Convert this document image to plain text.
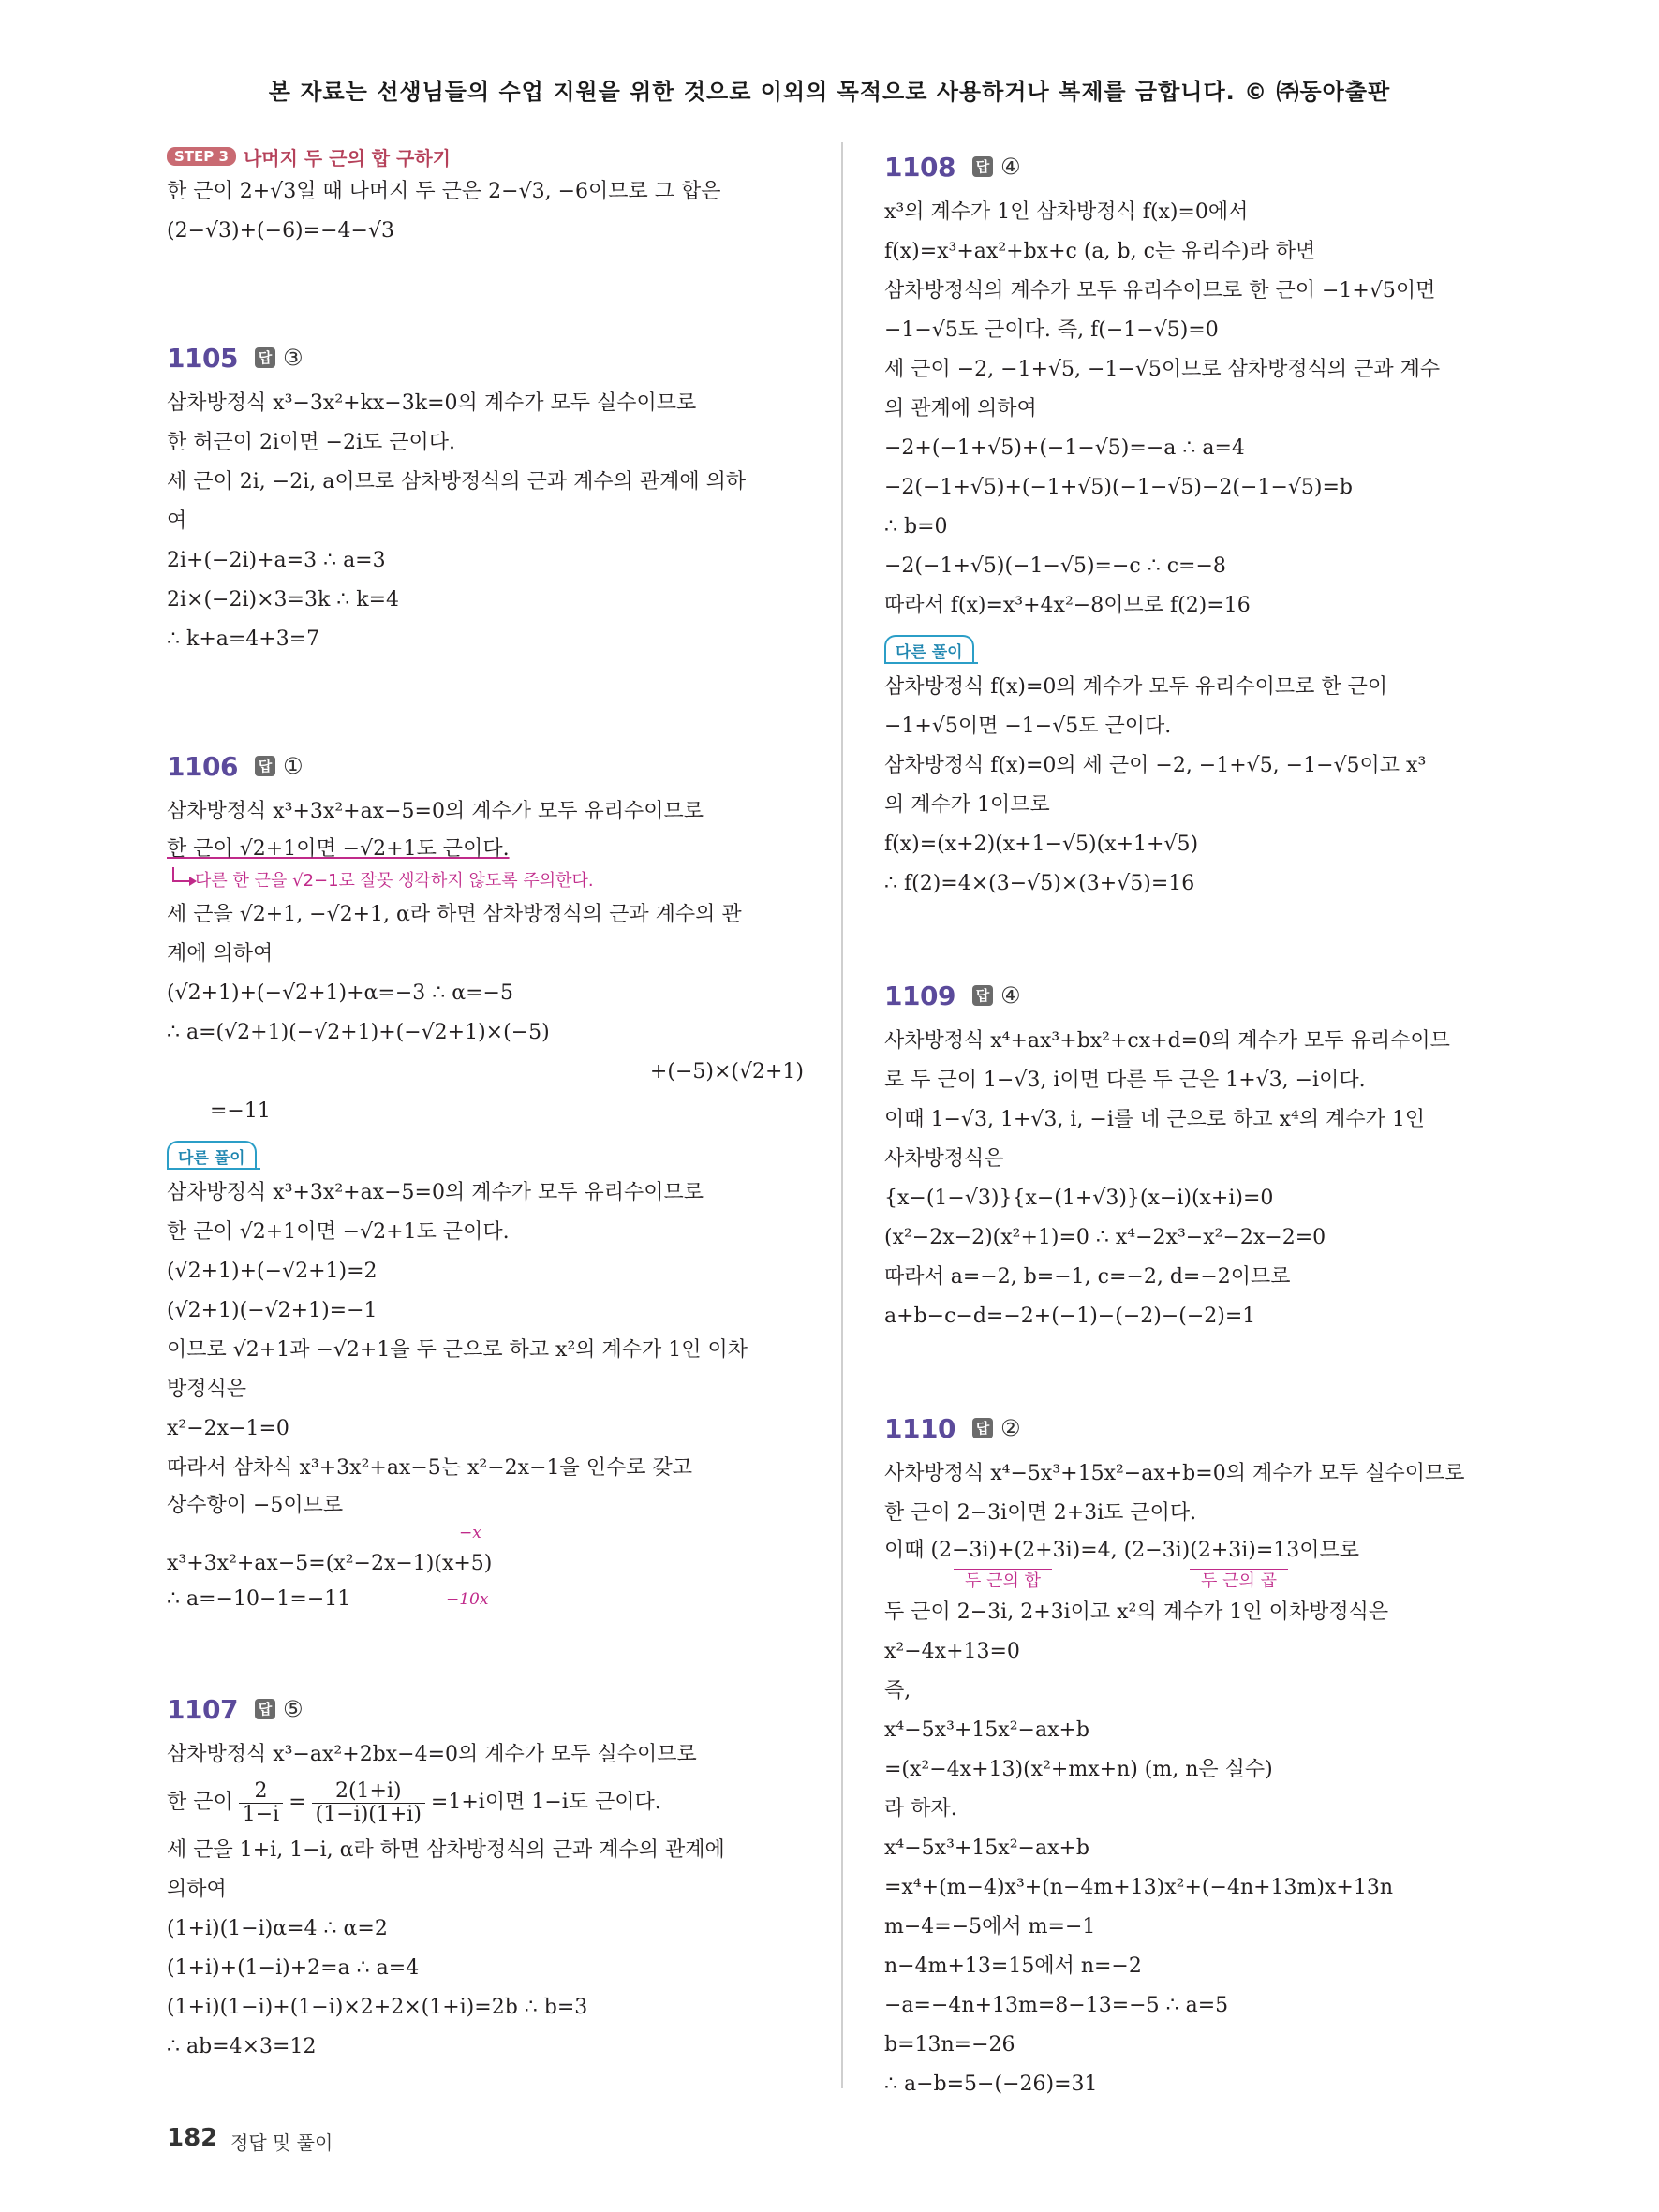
본 자료는 선생님들의 수업 지원을 위한 것으로 이외의 목적으로 사용하거나 복제를 금합니다. © ㈜동아출판
STEP 3 나머지 두 근의 합 구하기
한 근이 2+√3일 때 나머지 두 근은 2−√3, −6이므로 그 합은
(2−√3)+(−6)=−4−√3
1105 답 ③
삼차방정식 x³−3x²+kx−3k=0의 계수가 모두 실수이므로
한 허근이 2i이면 −2i도 근이다.
세 근이 2i, −2i, a이므로 삼차방정식의 근과 계수의 관계에 의하
여
2i+(−2i)+a=3 ∴ a=3
2i×(−2i)×3=3k ∴ k=4
∴ k+a=4+3=7
1106 답 ①
삼차방정식 x³+3x²+ax−5=0의 계수가 모두 유리수이므로
한 근이 √2+1이면 −√2+1도 근이다.
다른 한 근을 √2−1로 잘못 생각하지 않도록 주의한다.
세 근을 √2+1, −√2+1, α라 하면 삼차방정식의 근과 계수의 관
계에 의하여
(√2+1)+(−√2+1)+α=−3 ∴ α=−5
∴ a=(√2+1)(−√2+1)+(−√2+1)×(−5)
+(−5)×(√2+1)
=−11
다른 풀이
삼차방정식 x³+3x²+ax−5=0의 계수가 모두 유리수이므로
한 근이 √2+1이면 −√2+1도 근이다.
(√2+1)+(−√2+1)=2
(√2+1)(−√2+1)=−1
이므로 √2+1과 −√2+1을 두 근으로 하고 x²의 계수가 1인 이차
방정식은
x²−2x−1=0
따라서 삼차식 x³+3x²+ax−5는 x²−2x−1을 인수로 갖고
상수항이 −5이므로
−x
x³+3x²+ax−5=(x²−2x−1)(x+5)
∴ a=−10−1=−11	−10x
1107 답 ⑤
삼차방정식 x³−ax²+2bx−4=0의 계수가 모두 실수이므로
한 근이 $\frac{2}{1-i} = \frac{2(1+i)}{(1-i)(1+i)} =1+i$이면 1−i도 근이다.
세 근을 1+i, 1−i, α라 하면 삼차방정식의 근과 계수의 관계에
의하여
(1+i)(1−i)α=4 ∴ α=2
(1+i)+(1−i)+2=a ∴ a=4
(1+i)(1−i)+(1−i)×2+2×(1+i)=2b ∴ b=3
∴ ab=4×3=12
1108 답 ④
x³의 계수가 1인 삼차방정식 f(x)=0에서
f(x)=x³+ax²+bx+c (a, b, c는 유리수)라 하면
삼차방정식의 계수가 모두 유리수이므로 한 근이 −1+√5이면
−1−√5도 근이다. 즉, f(−1−√5)=0
세 근이 −2, −1+√5, −1−√5이므로 삼차방정식의 근과 계수
의 관계에 의하여
−2+(−1+√5)+(−1−√5)=−a ∴ a=4
−2(−1+√5)+(−1+√5)(−1−√5)−2(−1−√5)=b
∴ b=0
−2(−1+√5)(−1−√5)=−c ∴ c=−8
따라서 f(x)=x³+4x²−8이므로 f(2)=16
다른 풀이
삼차방정식 f(x)=0의 계수가 모두 유리수이므로 한 근이
−1+√5이면 −1−√5도 근이다.
삼차방정식 f(x)=0의 세 근이 −2, −1+√5, −1−√5이고 x³
의 계수가 1이므로
f(x)=(x+2)(x+1−√5)(x+1+√5)
∴ f(2)=4×(3−√5)×(3+√5)=16
1109 답 ④
사차방정식 x⁴+ax³+bx²+cx+d=0의 계수가 모두 유리수이므
로 두 근이 1−√3, i이면 다른 두 근은 1+√3, −i이다.
이때 1−√3, 1+√3, i, −i를 네 근으로 하고 x⁴의 계수가 1인
사차방정식은
{x−(1−√3)}{x−(1+√3)}(x−i)(x+i)=0
(x²−2x−2)(x²+1)=0 ∴ x⁴−2x³−x²−2x−2=0
따라서 a=−2, b=−1, c=−2, d=−2이므로
a+b−c−d=−2+(−1)−(−2)−(−2)=1
1110 답 ②
사차방정식 x⁴−5x³+15x²−ax+b=0의 계수가 모두 실수이므로
한 근이 2−3i이면 2+3i도 근이다.
이때 (2−3i)+(2+3i)=4, (2−3i)(2+3i)=13이므로
두 근의 합	두 근의 곱
두 근이 2−3i, 2+3i이고 x²의 계수가 1인 이차방정식은
x²−4x+13=0
즉,
x⁴−5x³+15x²−ax+b
=(x²−4x+13)(x²+mx+n) (m, n은 실수)
라 하자.
x⁴−5x³+15x²−ax+b
=x⁴+(m−4)x³+(n−4m+13)x²+(−4n+13m)x+13n
m−4=−5에서 m=−1
n−4m+13=15에서 n=−2
−a=−4n+13m=8−13=−5 ∴ a=5
b=13n=−26
∴ a−b=5−(−26)=31
182 정답 및 풀이
